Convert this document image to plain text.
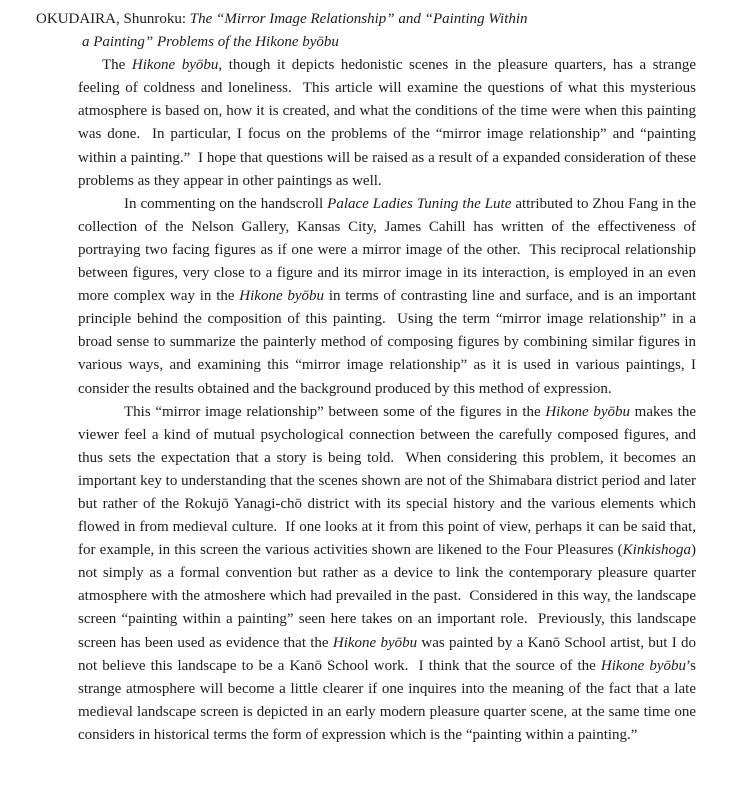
OKUDAIRA, Shunroku: The “Mirror Image Relationship” and “Painting Within
a Painting” Problems of the Hikone byōbu

The Hikone byōbu, though it depicts hedonistic scenes in the pleasure quarters, has a strange feeling of coldness and loneliness.  This article will examine the questions of what this mysterious atmosphere is based on, how it is created, and what the conditions of the time were when this painting was done.  In particular, I focus on the problems of the “mirror image relationship” and “painting within a painting.”  I hope that questions will be raised as a result of a expanded consideration of these problems as they appear in other paintings as well.

In commenting on the handscroll Palace Ladies Tuning the Lute attributed to Zhou Fang in the collection of the Nelson Gallery, Kansas City, James Cahill has written of the effectiveness of portraying two facing figures as if one were a mirror image of the other.  This reciprocal relationship between figures, very close to a figure and its mirror image in its interaction, is employed in an even more complex way in the Hikone byōbu in terms of contrasting line and surface, and is an important principle behind the composition of this painting.  Using the term “mirror image relationship” in a broad sense to summarize the painterly method of composing figures by combining similar figures in various ways, and examining this “mirror image relationship” as it is used in various paintings, I consider the results obtained and the background produced by this method of expression.

This “mirror image relationship” between some of the figures in the Hikone byōbu makes the viewer feel a kind of mutual psychological connection between the carefully composed figures, and thus sets the expectation that a story is being told.  When considering this problem, it becomes an important key to understanding that the scenes shown are not of the Shimabara district period and later but rather of the Rokujō Yanagi-chō district with its special history and the various elements which flowed in from medieval culture.  If one looks at it from this point of view, perhaps it can be said that, for example, in this screen the various activities shown are likened to the Four Pleasures (Kinkishoga) not simply as a formal convention but rather as a device to link the contemporary pleasure quarter atmosphere with the atmoshere which had prevailed in the past.  Considered in this way, the landscape screen “painting within a painting” seen here takes on an important role.  Previously, this landscape screen has been used as evidence that the Hikone byōbu was painted by a Kanō School artist, but I do not believe this landscape to be a Kanō School work.  I think that the source of the Hikone byōbu’s strange atmosphere will become a little clearer if one inquires into the meaning of the fact that a late medieval landscape screen is depicted in an early modern pleasure quarter scene, at the same time one considers in historical terms the form of expression which is the “painting within a painting.”
